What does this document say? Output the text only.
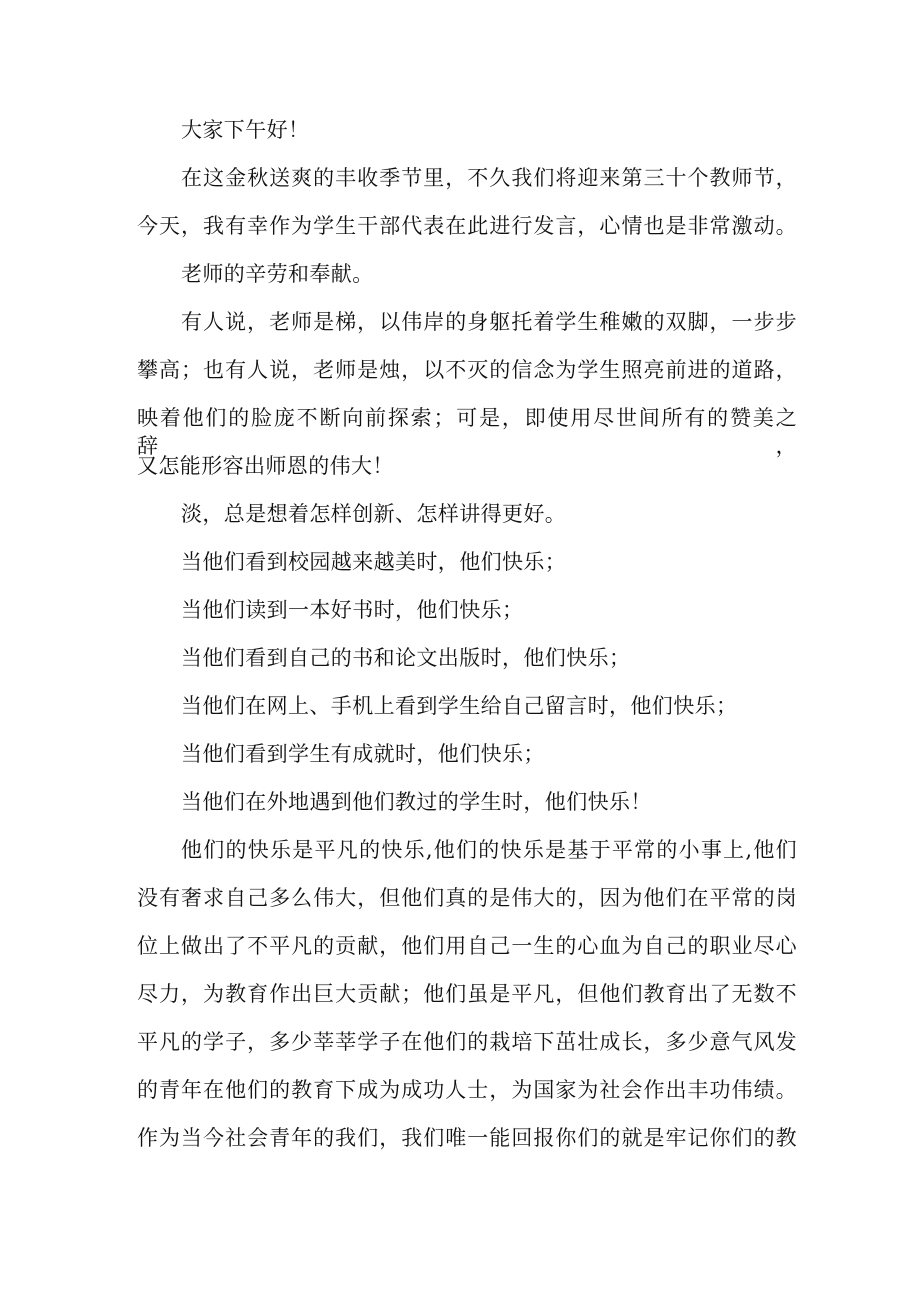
大家下午好！
在这金秋送爽的丰收季节里，不久我们将迎来第三十个教师节，
今天，我有幸作为学生干部代表在此进行发言，心情也是非常激动。
老师的辛劳和奉献。
有人说，老师是梯，以伟岸的身躯托着学生稚嫩的双脚，一步步
攀高；也有人说，老师是烛，以不灭的信念为学生照亮前进的道路，
映着他们的脸庞不断向前探索；可是，即使用尽世间所有的赞美之辞，
又怎能形容出师恩的伟大！
淡，总是想着怎样创新、怎样讲得更好。
当他们看到校园越来越美时，他们快乐；
当他们读到一本好书时，他们快乐；
当他们看到自己的书和论文出版时，他们快乐；
当他们在网上、手机上看到学生给自己留言时，他们快乐；
当他们看到学生有成就时，他们快乐；
当他们在外地遇到他们教过的学生时，他们快乐！
他们的快乐是平凡的快乐,他们的快乐是基于平常的小事上,他们
没有奢求自己多么伟大，但他们真的是伟大的，因为他们在平常的岗
位上做出了不平凡的贡献，他们用自己一生的心血为自己的职业尽心
尽力，为教育作出巨大贡献；他们虽是平凡，但他们教育出了无数不
平凡的学子，多少莘莘学子在他们的栽培下茁壮成长，多少意气风发
的青年在他们的教育下成为成功人士，为国家为社会作出丰功伟绩。
作为当今社会青年的我们，我们唯一能回报你们的就是牢记你们的教
